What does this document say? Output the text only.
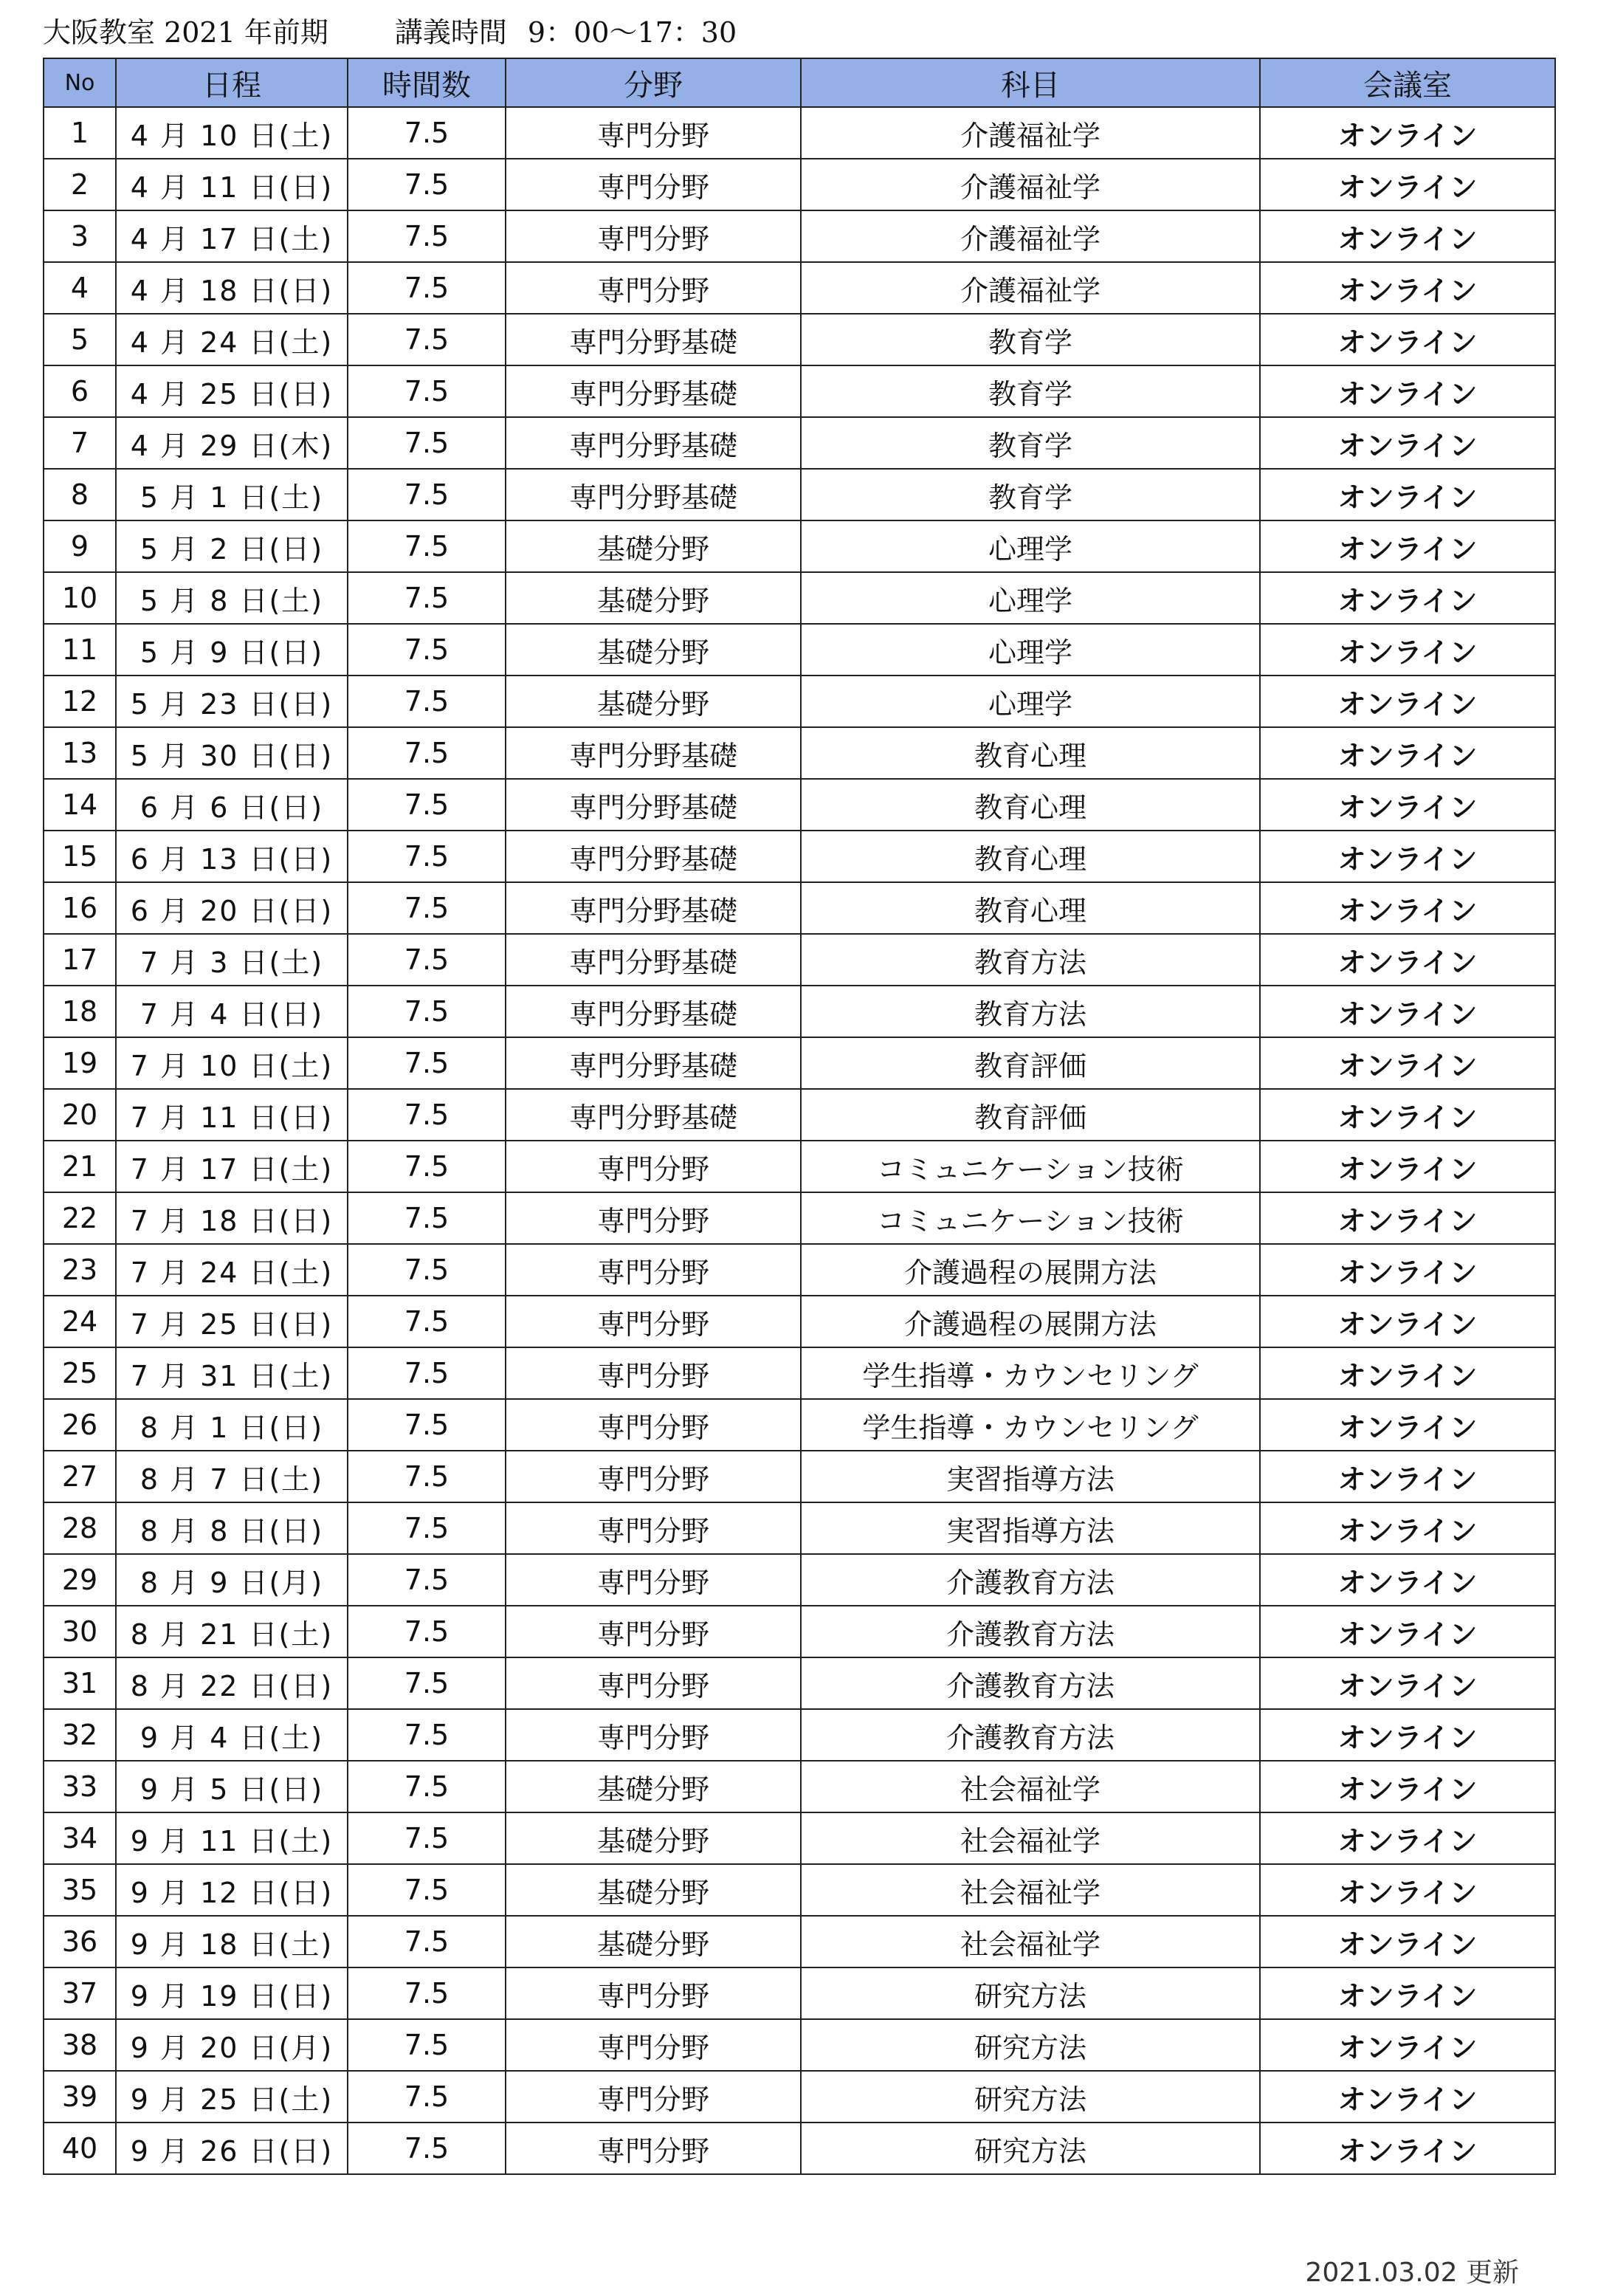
大阪教室 2021 年前期 講義時間 9：00～17：30
No	日程	時間数	分野	科目	会議室
1	4 月 10 日(土)	7.5	専門分野	介護福祉学	オンライン
2	4 月 11 日(日)	7.5	専門分野	介護福祉学	オンライン
3	4 月 17 日(土)	7.5	専門分野	介護福祉学	オンライン
4	4 月 18 日(日)	7.5	専門分野	介護福祉学	オンライン
5	4 月 24 日(土)	7.5	専門分野基礎	教育学	オンライン
6	4 月 25 日(日)	7.5	専門分野基礎	教育学	オンライン
7	4 月 29 日(木)	7.5	専門分野基礎	教育学	オンライン
8	5 月 1 日(土)	7.5	専門分野基礎	教育学	オンライン
9	5 月 2 日(日)	7.5	基礎分野	心理学	オンライン
10	5 月 8 日(土)	7.5	基礎分野	心理学	オンライン
11	5 月 9 日(日)	7.5	基礎分野	心理学	オンライン
12	5 月 23 日(日)	7.5	基礎分野	心理学	オンライン
13	5 月 30 日(日)	7.5	専門分野基礎	教育心理	オンライン
14	6 月 6 日(日)	7.5	専門分野基礎	教育心理	オンライン
15	6 月 13 日(日)	7.5	専門分野基礎	教育心理	オンライン
16	6 月 20 日(日)	7.5	専門分野基礎	教育心理	オンライン
17	7 月 3 日(土)	7.5	専門分野基礎	教育方法	オンライン
18	7 月 4 日(日)	7.5	専門分野基礎	教育方法	オンライン
19	7 月 10 日(土)	7.5	専門分野基礎	教育評価	オンライン
20	7 月 11 日(日)	7.5	専門分野基礎	教育評価	オンライン
21	7 月 17 日(土)	7.5	専門分野	コミュニケーション技術	オンライン
22	7 月 18 日(日)	7.5	専門分野	コミュニケーション技術	オンライン
23	7 月 24 日(土)	7.5	専門分野	介護過程の展開方法	オンライン
24	7 月 25 日(日)	7.5	専門分野	介護過程の展開方法	オンライン
25	7 月 31 日(土)	7.5	専門分野	学生指導・カウンセリング	オンライン
26	8 月 1 日(日)	7.5	専門分野	学生指導・カウンセリング	オンライン
27	8 月 7 日(土)	7.5	専門分野	実習指導方法	オンライン
28	8 月 8 日(日)	7.5	専門分野	実習指導方法	オンライン
29	8 月 9 日(月)	7.5	専門分野	介護教育方法	オンライン
30	8 月 21 日(土)	7.5	専門分野	介護教育方法	オンライン
31	8 月 22 日(日)	7.5	専門分野	介護教育方法	オンライン
32	9 月 4 日(土)	7.5	専門分野	介護教育方法	オンライン
33	9 月 5 日(日)	7.5	基礎分野	社会福祉学	オンライン
34	9 月 11 日(土)	7.5	基礎分野	社会福祉学	オンライン
35	9 月 12 日(日)	7.5	基礎分野	社会福祉学	オンライン
36	9 月 18 日(土)	7.5	基礎分野	社会福祉学	オンライン
37	9 月 19 日(日)	7.5	専門分野	研究方法	オンライン
38	9 月 20 日(月)	7.5	専門分野	研究方法	オンライン
39	9 月 25 日(土)	7.5	専門分野	研究方法	オンライン
40	9 月 26 日(日)	7.5	専門分野	研究方法	オンライン
2021.03.02 更新
